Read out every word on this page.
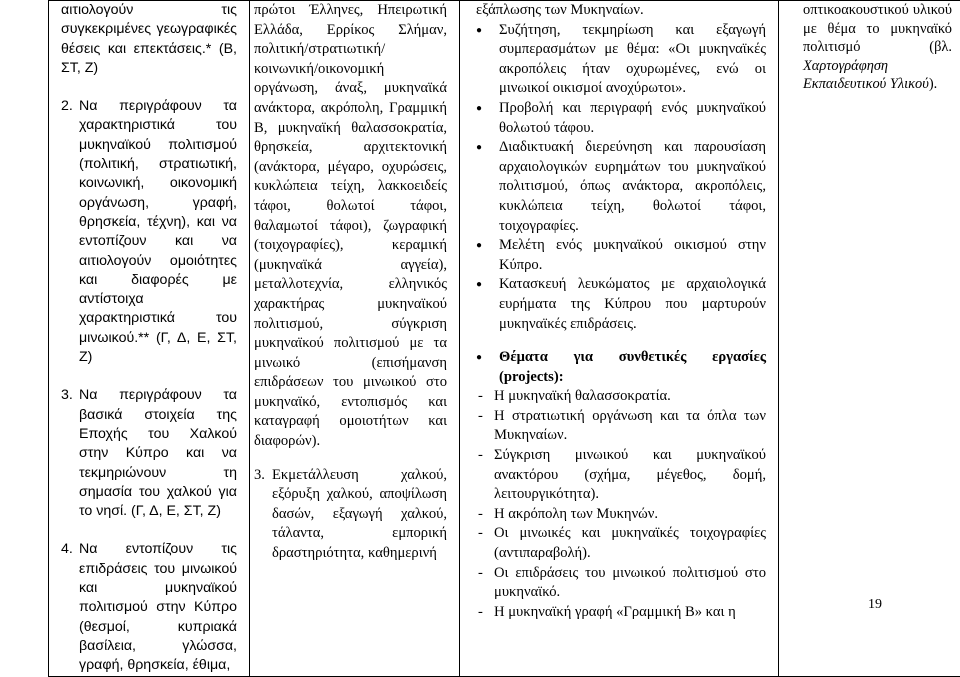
αιτιολογούν τις συγκεκριμένες γεωγραφικές θέσεις και επεκτάσεις.* (Β, ΣΤ, Ζ)

2. Να περιγράφουν τα χαρακτηριστικά του μυκηναϊκού πολιτισμού (πολιτική, στρατιωτική, κοινωνική, οικονομική οργάνωση, γραφή, θρησκεία, τέχνη), και να εντοπίζουν και να αιτιολογούν ομοιότητες και διαφορές με αντίστοιχα χαρακτηριστικά του μινωικού.** (Γ, Δ, Ε, ΣΤ, Ζ)
3. Να περιγράφουν τα βασικά στοιχεία της Εποχής του Χαλκού στην Κύπρο και να τεκμηριώνουν τη σημασία του χαλκού για το νησί. (Γ, Δ, Ε, ΣΤ, Ζ)
4. Να εντοπίζουν τις επιδράσεις του μινωικού και μυκηναϊκού πολιτισμού στην Κύπρο (θεσμοί, κυπριακά βασίλεια, γλώσσα, γραφή, θρησκεία, έθιμα,

πρώτοι Έλληνες, Ηπειρωτική Ελλάδα, Ερρίκος Σλήμαν, πολιτική/στρατιωτική/κοινωνική/οικονομική οργάνωση, άναξ, μυκηναϊκά ανάκτορα, ακρόπολη, Γραμμική Β, μυκηναϊκή θαλασσοκρατία, θρησκεία, αρχιτεκτονική (ανάκτορα, μέγαρο, οχυρώσεις, κυκλώπεια τείχη, λακκοειδείς τάφοι, θολωτοί τάφοι, θαλαμωτοί τάφοι), ζωγραφική (τοιχογραφίες), κεραμική (μυκηναϊκά αγγεία), μεταλλοτεχνία, ελληνικός χαρακτήρας μυκηναϊκού πολιτισμού, σύγκριση μυκηναϊκού πολιτισμού με τα μινωικό (επισήμανση επιδράσεων του μινωικού στο μυκηναϊκό, εντοπισμός και καταγραφή ομοιοτήτων και διαφορών).

3. Εκμετάλλευση χαλκού, εξόρυξη χαλκού, αποψίλωση δασών, εξαγωγή χαλκού, τάλαντα, εμπορική δραστηριότητα, καθημερινή

εξάπλωσης των Μυκηναίων.

●	Συζήτηση, τεκμηρίωση και εξαγωγή συμπερασμάτων με θέμα: «Οι μυκηναϊκές ακροπόλεις ήταν οχυρωμένες, ενώ οι μινωικοί οικισμοί ανοχύρωτοι».
●	Προβολή και περιγραφή ενός μυκηναϊκού θολωτού τάφου.
●	Διαδικτυακή διερεύνηση και παρουσίαση αρχαιολογικών ευρημάτων του μυκηναϊκού πολιτισμού, όπως ανάκτορα, ακροπόλεις, κυκλώπεια τείχη, θολωτοί τάφοι, τοιχογραφίες.
●	Μελέτη ενός μυκηναϊκού οικισμού στην Κύπρο.
●	Κατασκευή λευκώματος με αρχαιολογικά ευρήματα της Κύπρου που μαρτυρούν μυκηναϊκές επιδράσεις.
●	Θέματα για συνθετικές εργασίες (projects):
- Η μυκηναϊκή θαλασσοκρατία.
- Η στρατιωτική οργάνωση και τα όπλα των Μυκηναίων.
- Σύγκριση μινωικού και μυκηναϊκού ανακτόρου (σχήμα, μέγεθος, δομή, λειτουργικότητα).
- Η ακρόπολη των Μυκηνών.
- Οι μινωικές και μυκηναϊκές τοιχογραφίες (αντιπαραβολή).
- Οι επιδράσεις του μινωικού πολιτισμού στο μυκηναϊκό.
- Η μυκηναϊκή γραφή «Γραμμική Β» και η

οπτικοακουστικού υλικού με θέμα το μυκηναϊκό πολιτισμό (βλ. Χαρτογράφηση Εκπαιδευτικού Υλικού).
19
